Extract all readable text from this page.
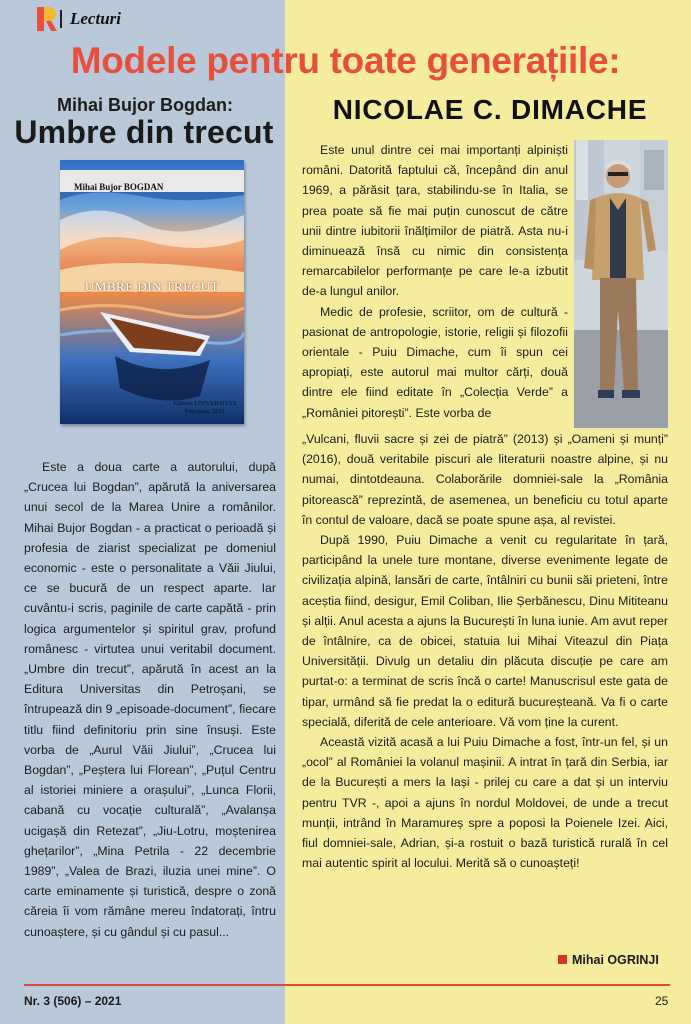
Lecturi
Modele pentru toate generațiile:
Mihai Bujor Bogdan:
Umbre din trecut
Mihai Bujor BOGDAN
UMBRE DIN TRECUT
Editura UNIVERSITAS
Petroșani, 2021

Este a doua carte a autorului, după „Crucea lui Bogdan”, apărută la aniversarea unui secol de la Marea Unire a românilor. Mihai Bujor Bogdan - a practicat o perioadă și profesia de ziarist specializat pe domeniul economic - este o personalitate a Văii Jiului, ce se bucură de un respect aparte. Iar cuvântu-i scris, paginile de carte capătă - prin logica argumentelor și spiritul grav, profund românesc - virtutea unui veritabil document. „Umbre din trecut”, apărută în acest an la Editura Universitas din Petroșani, se întrupează din 9 „episoade-document”, fiecare titlu fiind definitoriu prin sine însuși. Este vorba de „Aurul Văii Jiului”, „Crucea lui Bogdan”, „Peștera lui Florean”, „Puțul Centru al istoriei miniere a orașului”, „Lunca Florii, cabană cu vocație culturală”, „Avalanșa ucigașă din Retezat”, „Jiu-Lotru, moștenirea ghețarilor”, „Mina Petrila - 22 decembrie 1989”, „Valea de Brazi, iluzia unei mine”. O carte eminamente și turistică, despre o zonă căreia îi vom rămâne mereu îndatorați, întru cunoaștere, și cu gândul și cu pasul...

NICOLAE C. DIMACHE

Este unul dintre cei mai importanți alpiniști români. Datorită faptului că, începând din anul 1969, a părăsit țara, stabilindu-se în Italia, se prea poate să fie mai puțin cunoscut de către unii dintre iubitorii înălțimilor de piatră. Asta nu-i diminuează însă cu nimic din consistența remarcabilelor performanțe pe care le-a izbutit de-a lungul anilor.

Medic de profesie, scriitor, om de cultură - pasionat de antropologie, istorie, religii și filozofii orientale - Puiu Dimache, cum îi spun cei apropiați, este autorul mai multor cărți, două dintre ele fiind editate în „Colecția Verde” a „României pitorești”. Este vorba de

„Vulcani, fluvii sacre și zei de piatră” (2013) și „Oameni și munți” (2016), două veritabile piscuri ale literaturii noastre alpine, și nu numai, dintotdeauna. Colaborările domniei-sale la „România pitorească” reprezintă, de asemenea, un beneficiu cu totul aparte în contul de valoare, dacă se poate spune așa, al revistei.

După 1990, Puiu Dimache a venit cu regularitate în țară, participând la unele ture montane, diverse evenimente legate de civilizația alpină, lansări de carte, întâlniri cu bunii săi prieteni, între aceștia fiind, desigur, Emil Coliban, Ilie Șerbănescu, Dinu Mititeanu și alții. Anul acesta a ajuns la București în luna iunie. Am avut reper de întâlnire, ca de obicei, statuia lui Mihai Viteazul din Piața Universității. Divulg un detaliu din plăcuta discuție pe care am purtat-o: a terminat de scris încă o carte! Manuscrisul este gata de tipar, urmând să fie predat la o editură bucureșteană. Va fi o carte specială, diferită de cele anterioare. Vă vom ține la curent.

Această vizită acasă a lui Puiu Dimache a fost, într-un fel, și un „ocol” al României la volanul mașinii. A intrat în țară din Serbia, iar de la București a mers la Iași - prilej cu care a dat și un interviu pentru TVR -, apoi a ajuns în nordul Moldovei, de unde a trecut munții, intrând în Maramureș spre a poposi la Poienele Izei. Aici, fiul domniei-sale, Adrian, și-a rostuit o bază turistică rurală în cel mai autentic spirit al locului. Merită să o cunoașteți!

Mihai OGRINJI
Nr. 3 (506) – 2021	25
